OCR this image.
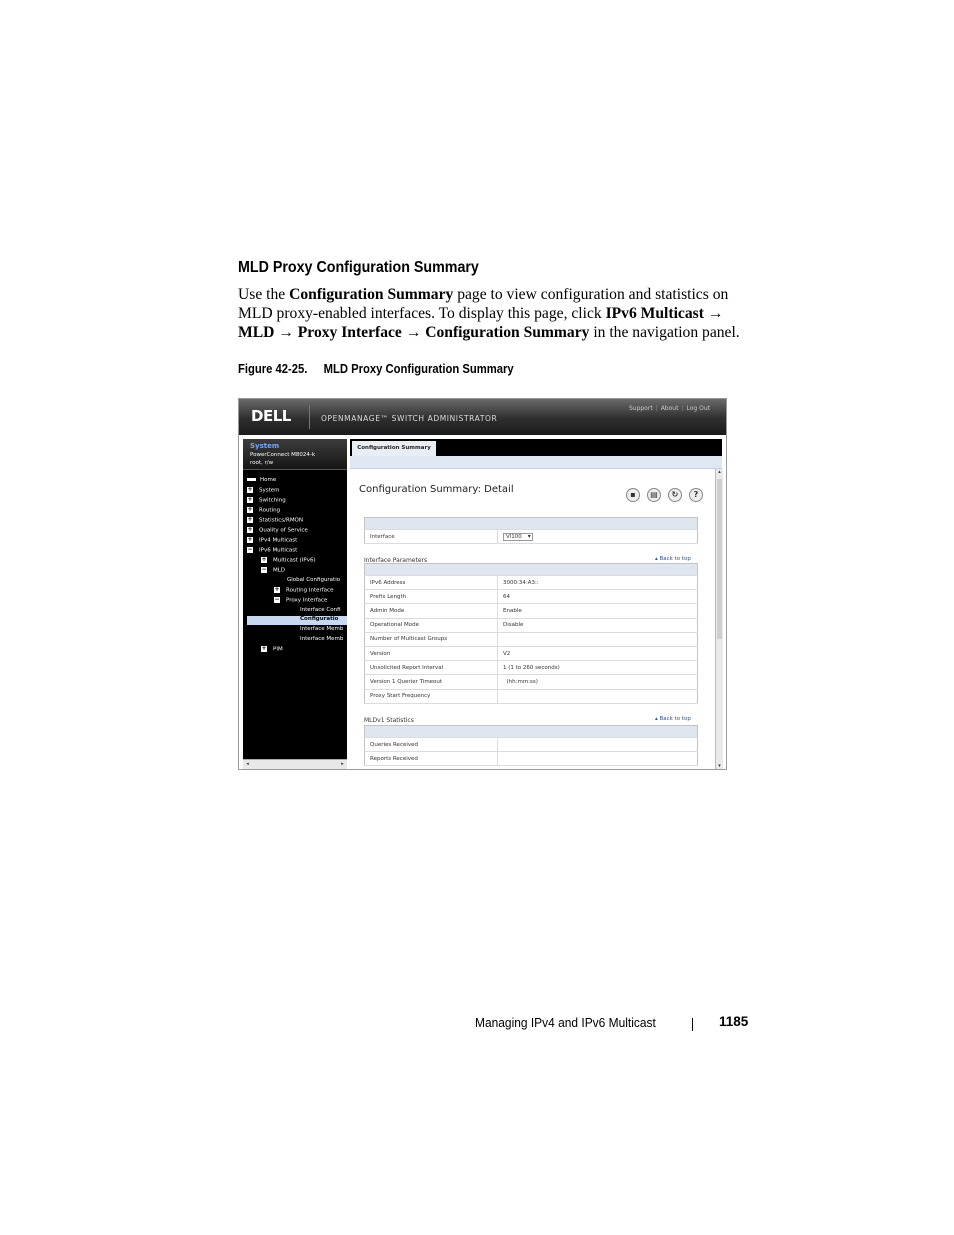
MLD Proxy Configuration Summary
Use the Configuration Summary page to view configuration and statistics on MLD proxy-enabled interfaces. To display this page, click IPv6 Multicast → MLD → Proxy Interface → Configuration Summary in the navigation panel.
Figure 42-25. MLD Proxy Configuration Summary
DELL	OPENMANAGE™ SWITCH ADMINISTRATOR
Support | About | Log Out
System
PowerConnect M8024-k
root, r/w
Home
+ System
+ Switching
+ Routing
+ Statistics/RMON
+ Quality of Service
+ IPv4 Multicast
− IPv6 Multicast
+ Multicast (IPv6)
− MLD
Global Configuratio
+ Routing Interface
− Proxy Interface
Interface Confi
Configuratio
Interface Memb
Interface Memb
+ PIM
◂	▸
Configuration Summary
Configuration Summary: Detail	▪ ▤ ↻ ?

Interface	Vl100 ▾
Interface Parameters	▴ Back to top

IPv6 Address	3000:34:A3::
Prefix Length	64
Admin Mode	Enable
Operational Mode	Disable
Number of Multicast Groups	
Version	V2
Unsolicited Report Interval	1 (1 to 260 seconds)
Version 1 Querier Timeout	(hh:mm:ss)
Proxy Start Frequency	
MLDv1 Statistics	▴ Back to top

Queries Received	
Reports Received	
▴
▾
Managing IPv4 and IPv6 Multicast	1185
